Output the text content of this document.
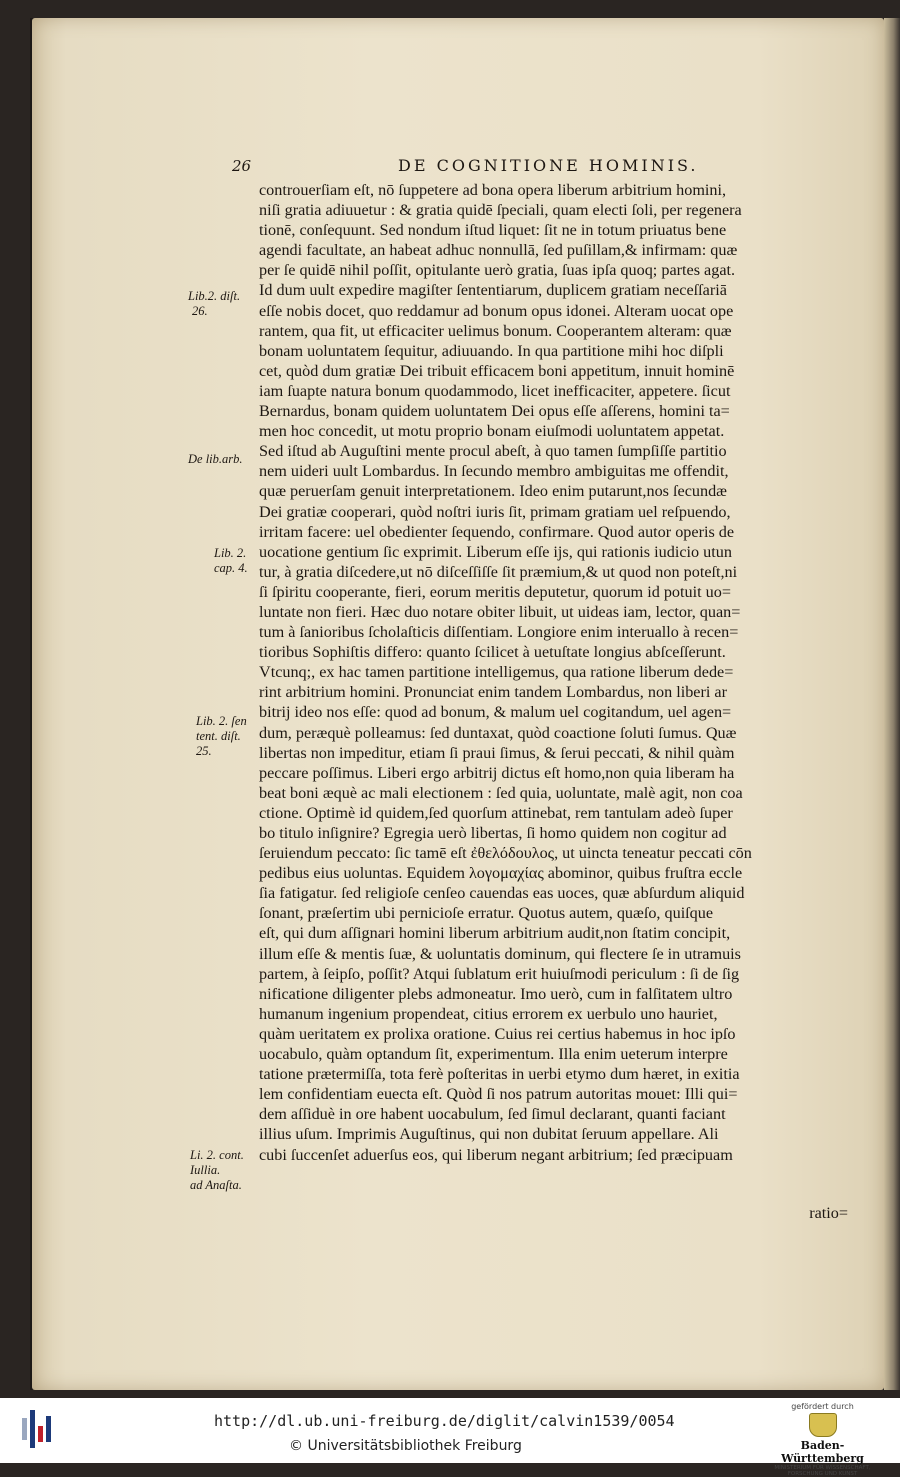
26	DE COGNITIONE HOMINIS.
controuerſiam eſt, nō ſuppetere ad bona opera liberum arbitrium homini,
niſi gratia adiuuetur : & gratia quidē ſpeciali, quam electi ſoli, per regenera
tionē, conſequunt. Sed nondum iſtud liquet: ſit ne in totum priuatus bene
agendi facultate, an habeat adhuc nonnullā, ſed puſillam,& infirmam: quæ
per ſe quidē nihil poſſit, opitulante uerò gratia, ſuas ipſa quoq; partes agat.
Id dum uult expedire magiſter ſententiarum, duplicem gratiam neceſſariā
eſſe nobis docet, quo reddamur ad bonum opus idonei. Alteram uocat ope
rantem, qua fit, ut efficaciter uelimus bonum. Cooperantem alteram: quæ
bonam uoluntatem ſequitur, adiuuando. In qua partitione mihi hoc diſpli
cet, quòd dum gratiæ Dei tribuit efficacem boni appetitum, innuit hominē
iam ſuapte natura bonum quodammodo, licet inefficaciter, appetere. ſicut
Bernardus, bonam quidem uoluntatem Dei opus eſſe aſſerens, homini ta=
men hoc concedit, ut motu proprio bonam eiuſmodi uoluntatem appetat.
Sed iſtud ab Auguſtini mente procul abeſt, à quo tamen ſumpſiſſe partitio
nem uideri uult Lombardus. In ſecundo membro ambiguitas me offendit,
quæ peruerſam genuit interpretationem. Ideo enim putarunt,nos ſecundæ
Dei gratiæ cooperari, quòd noſtri iuris ſit, primam gratiam uel reſpuendo,
irritam facere: uel obedienter ſequendo, confirmare. Quod autor operis de
uocatione gentium ſic exprimit. Liberum eſſe ijs, qui rationis iudicio utun
tur, à gratia diſcedere,ut nō diſceſſiſſe ſit præmium,& ut quod non poteſt,ni
ſi ſpiritu cooperante, fieri, eorum meritis deputetur, quorum id potuit uo=
luntate non fieri. Hæc duo notare obiter libuit, ut uideas iam, lector, quan=
tum à ſanioribus ſcholaſticis diſſentiam. Longiore enim interuallo à recen=
tioribus Sophiſtis differo: quanto ſcilicet à uetuſtate longius abſceſſerunt.
Vtcunq;, ex hac tamen partitione intelligemus, qua ratione liberum dede=
rint arbitrium homini. Pronunciat enim tandem Lombardus, non liberi ar
bitrij ideo nos eſſe: quod ad bonum, & malum uel cogitandum, uel agen=
dum, peræquè polleamus: ſed duntaxat, quòd coactione ſoluti ſumus. Quæ
libertas non impeditur, etiam ſi praui ſimus, & ſerui peccati, & nihil quàm
peccare poſſimus. Liberi ergo arbitrij dictus eſt homo,non quia liberam ha
beat boni æquè ac mali electionem : ſed quia, uoluntate, malè agit, non coa
ctione. Optimè id quidem,ſed quorſum attinebat, rem tantulam adeò ſuper
bo titulo inſignire? Egregia uerò libertas, ſi homo quidem non cogitur ad
ſeruiendum peccato: ſic tamē eſt ἐθελόδουλος, ut uincta teneatur peccati cōn
pedibus eius uoluntas. Equidem λογομαχίας abominor, quibus fruſtra eccle
ſia fatigatur. ſed religioſe cenſeo cauendas eas uoces, quæ abſurdum aliquid
ſonant, præſertim ubi pernicioſe erratur. Quotus autem, quæſo, quiſque
eſt, qui dum aſſignari homini liberum arbitrium audit,non ſtatim concipit,
illum eſſe & mentis ſuæ, & uoluntatis dominum, qui flectere ſe in utramuis
partem, à ſeipſo, poſſit? Atqui ſublatum erit huiuſmodi periculum : ſi de ſig
nificatione diligenter plebs admoneatur. Imo uerò, cum in falſitatem ultro
humanum ingenium propendeat, citius errorem ex uerbulo uno hauriet,
quàm ueritatem ex prolixa oratione. Cuius rei certius habemus in hoc ipſo
uocabulo, quàm optandum ſit, experimentum. Illa enim ueterum interpre
tatione prætermiſſa, tota ferè poſteritas in uerbi etymo dum hæret, in exitia
lem confidentiam euecta eſt. Quòd ſi nos patrum autoritas mouet: Illi qui=
dem aſſiduè in ore habent uocabulum, ſed ſimul declarant, quanti faciant
illius uſum. Imprimis Auguſtinus, qui non dubitat ſeruum appellare. Ali
cubi ſuccenſet aduerſus eos, qui liberum negant arbitrium; ſed præcipuam
ratio=
Lib.2. diſt.
26.
De lib.arb.
Lib. 2.
cap. 4.
Lib. 2. ſen
tent. diſt.
25.
Li. 2. cont.
Iullia.
ad Anaſta.
http://dl.ub.uni-freiburg.de/diglit/calvin1539/0054
© Universitätsbibliothek Freiburg
gefördert durch
Baden-Württemberg
MINISTERIUM FÜR WISSENSCHAFT, FORSCHUNG UND KUNST
